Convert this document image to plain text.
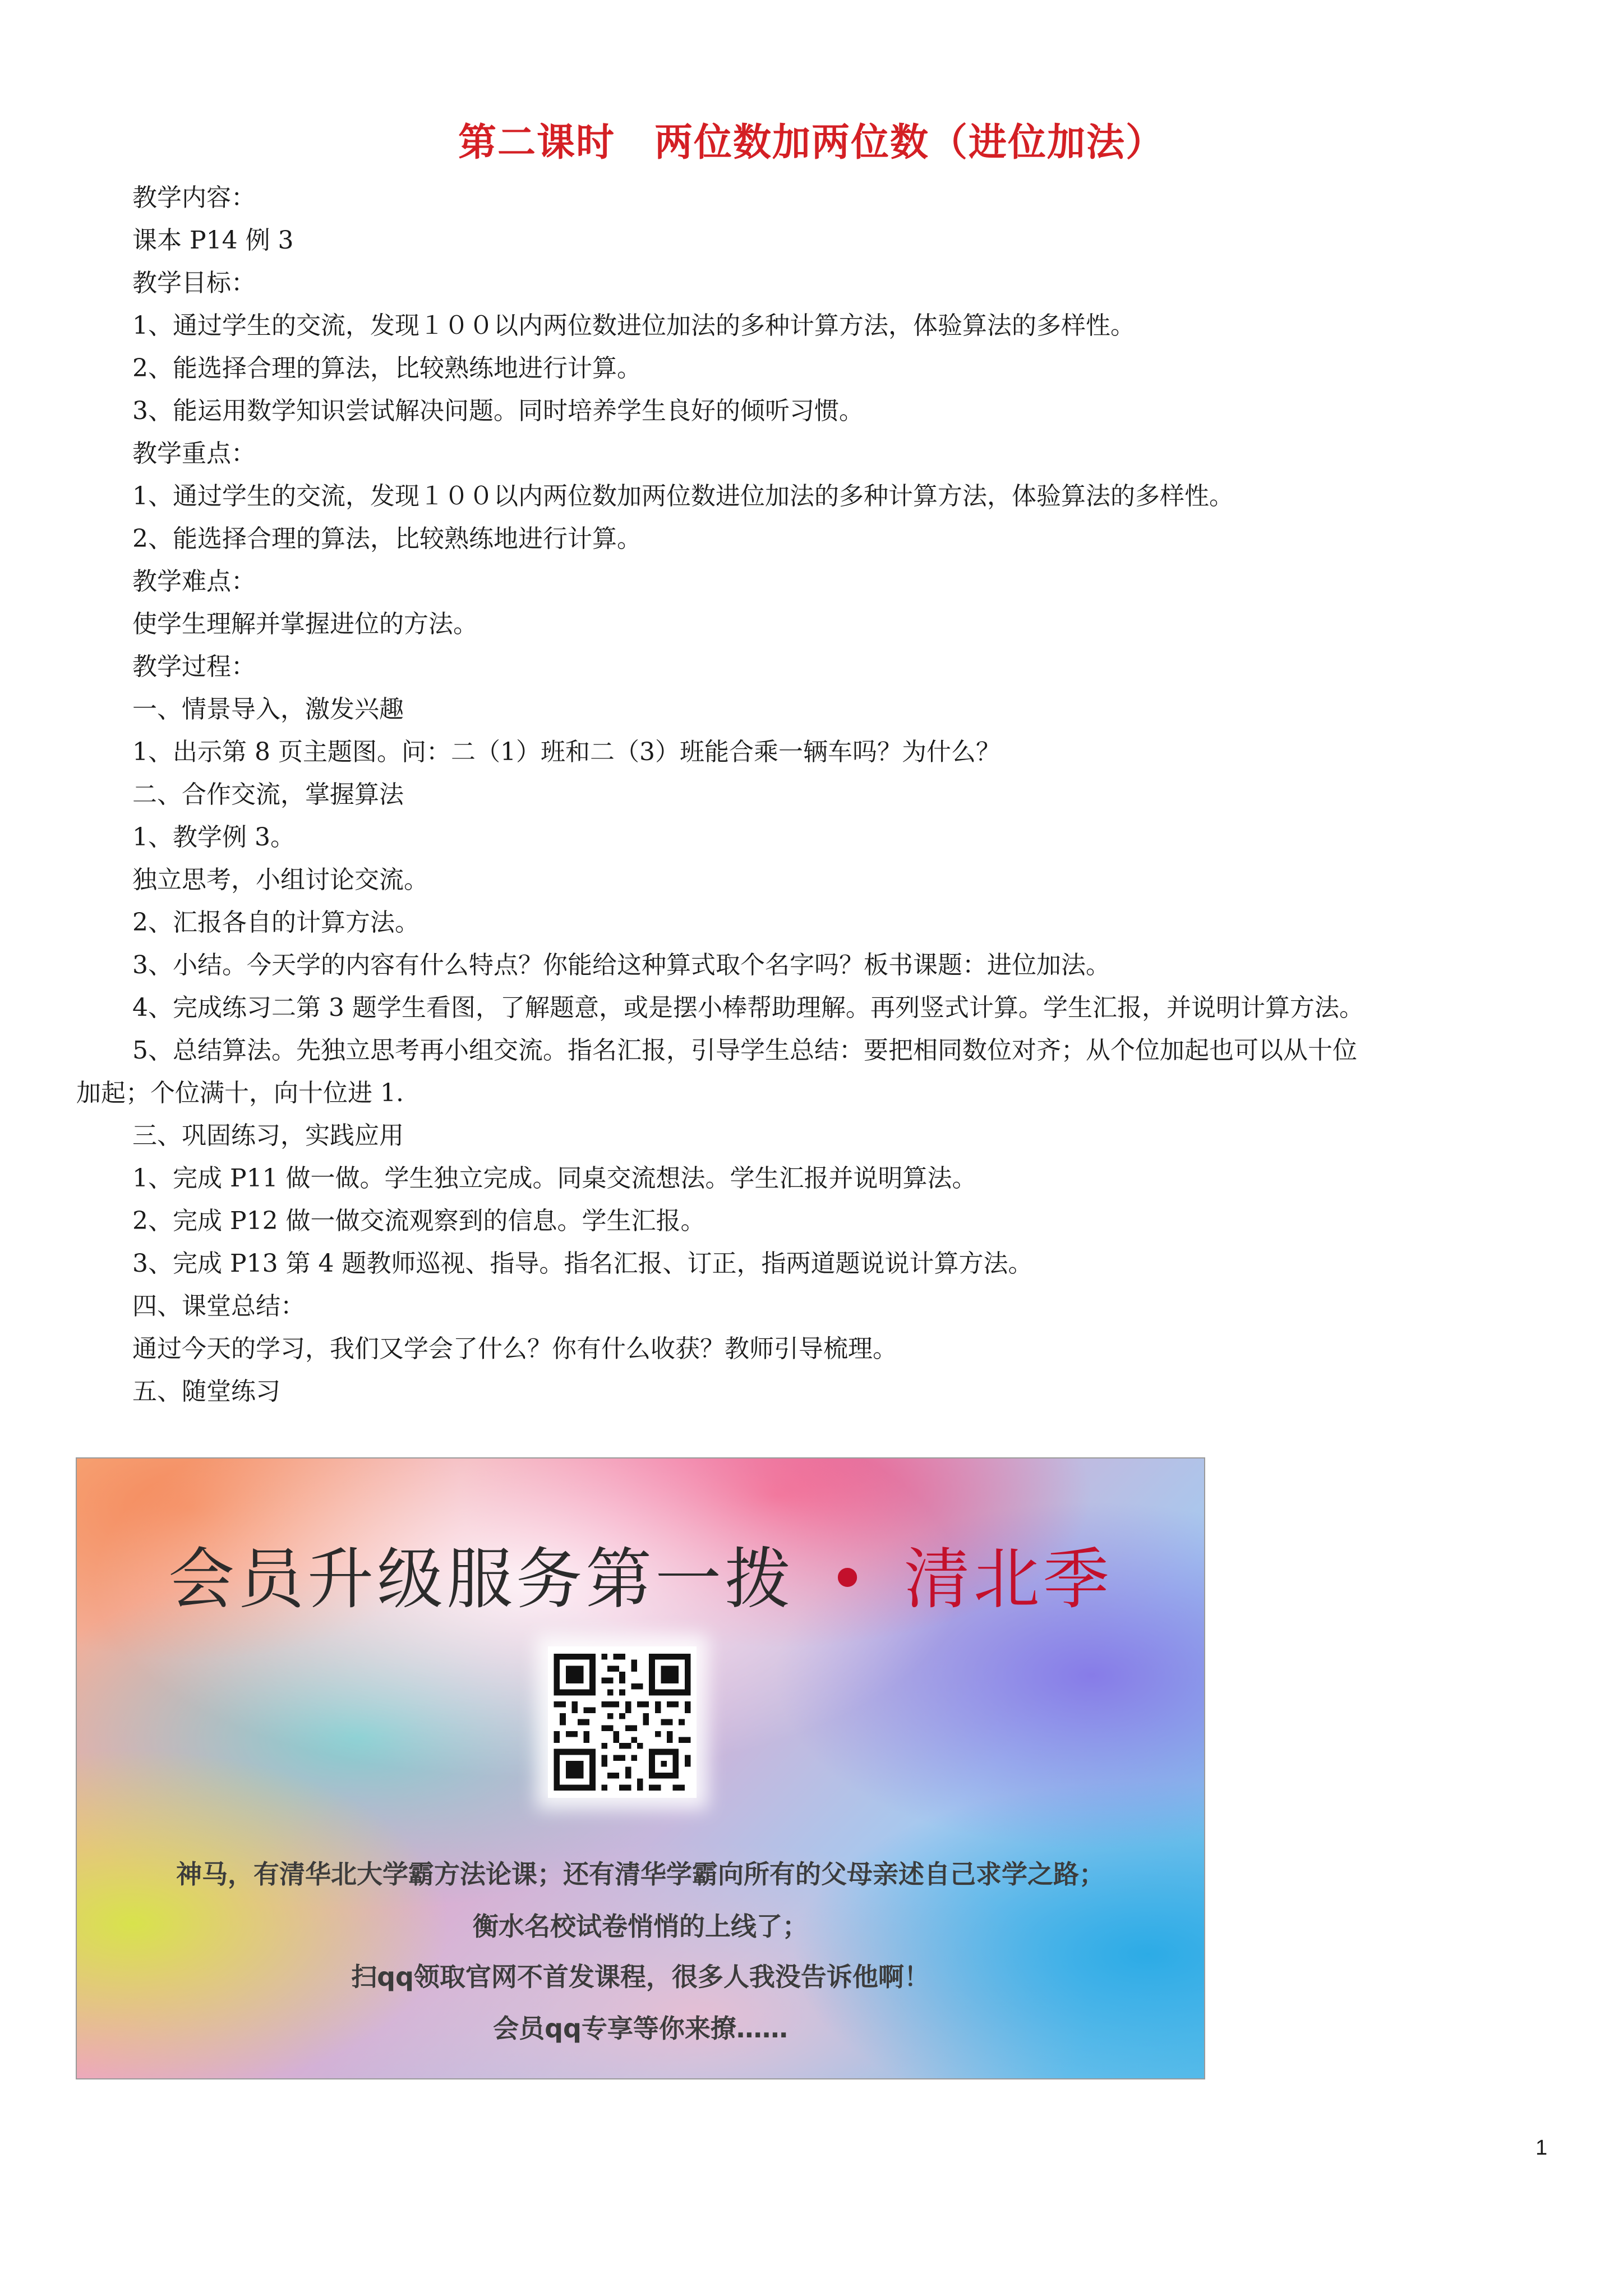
第二课时　两位数加两位数（进位加法）
教学内容：
课本 P14 例 3
教学目标：
1、通过学生的交流，发现１００以内两位数进位加法的多种计算方法，体验算法的多样性。
2、能选择合理的算法，比较熟练地进行计算。
3、能运用数学知识尝试解决问题。同时培养学生良好的倾听习惯。
教学重点：
1、通过学生的交流，发现１００以内两位数加两位数进位加法的多种计算方法，体验算法的多样性。
2、能选择合理的算法，比较熟练地进行计算。
教学难点：
使学生理解并掌握进位的方法。
教学过程：
一、情景导入，激发兴趣
1、出示第 8 页主题图。问：二（1）班和二（3）班能合乘一辆车吗？为什么？
二、合作交流，掌握算法
1、教学例 3。
独立思考，小组讨论交流。
2、汇报各自的计算方法。
3、小结。今天学的内容有什么特点？你能给这种算式取个名字吗？板书课题：进位加法。
4、完成练习二第 3 题学生看图，了解题意，或是摆小棒帮助理解。再列竖式计算。学生汇报，并说明计算方法。
5、总结算法。先独立思考再小组交流。指名汇报，引导学生总结：要把相同数位对齐；从个位加起也可以从十位
加起；个位满十，向十位进 1.
三、巩固练习，实践应用
1、完成 P11 做一做。学生独立完成。同桌交流想法。学生汇报并说明算法。
2、完成 P12 做一做交流观察到的信息。学生汇报。
3、完成 P13 第 4 题教师巡视、指导。指名汇报、订正，指两道题说说计算方法。
四、课堂总结：
通过今天的学习，我们又学会了什么？你有什么收获？教师引导梳理。
五、随堂练习
会员升级服务第一拨 • 清北季
神马，有清华北大学霸方法论课；还有清华学霸向所有的父母亲述自己求学之路；
衡水名校试卷悄悄的上线了；
扫qq领取官网不首发课程，很多人我没告诉他啊！
会员qq专享等你来撩……
1
